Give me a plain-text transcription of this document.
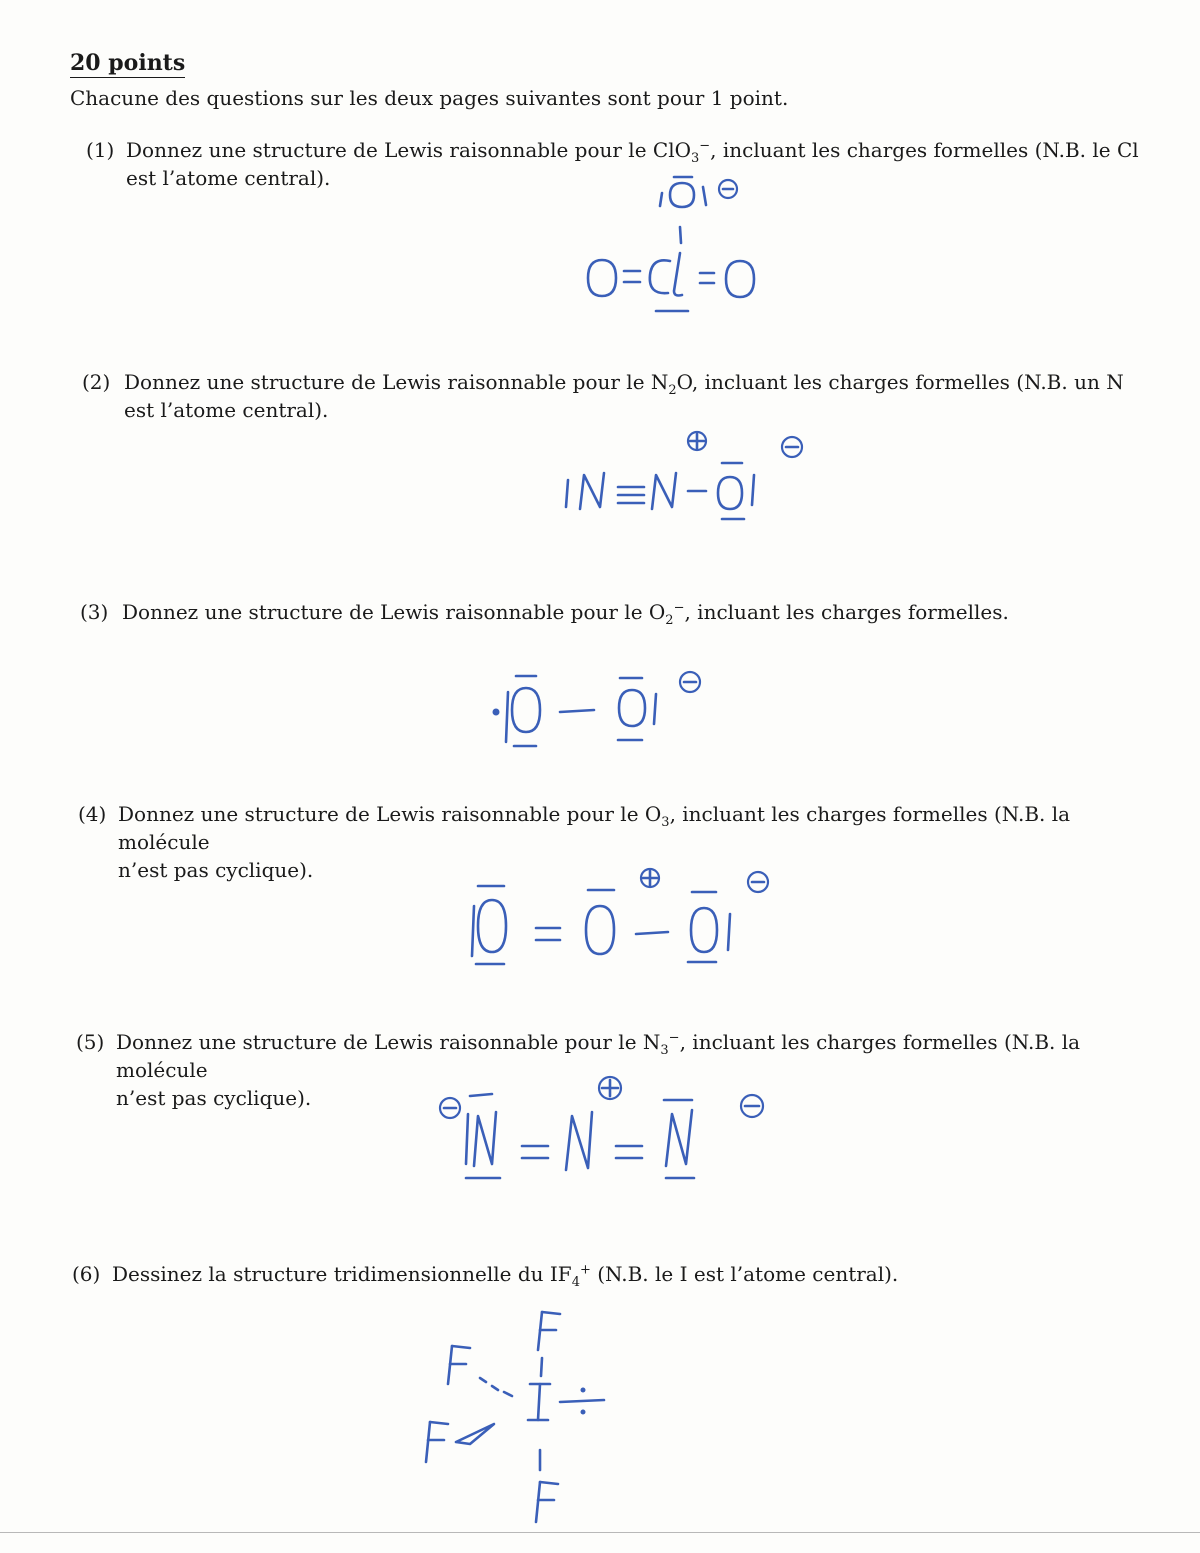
20 points
Chacune des questions sur les deux pages suivantes sont pour 1 point.
(1) Donnez une structure de Lewis raisonnable pour le ClO$_3$−, incluant les charges formelles (N.B. le Cl
est l’atome central).
(2) Donnez une structure de Lewis raisonnable pour le $N_2O$, incluant les charges formelles (N.B. un N
est l’atome central).
(3) Donnez une structure de Lewis raisonnable pour le $O_2^-$, incluant les charges formelles.
(4) Donnez une structure de Lewis raisonnable pour le $O_3$, incluant les charges formelles (N.B. la molécule
n’est pas cyclique).
(5) Donnez une structure de Lewis raisonnable pour le $N_3^-$, incluant les charges formelles (N.B. la molécule
n’est pas cyclique).
(6) Dessinez la structure tridimensionnelle du $IF_4^+$ (N.B. le I est l’atome central).
